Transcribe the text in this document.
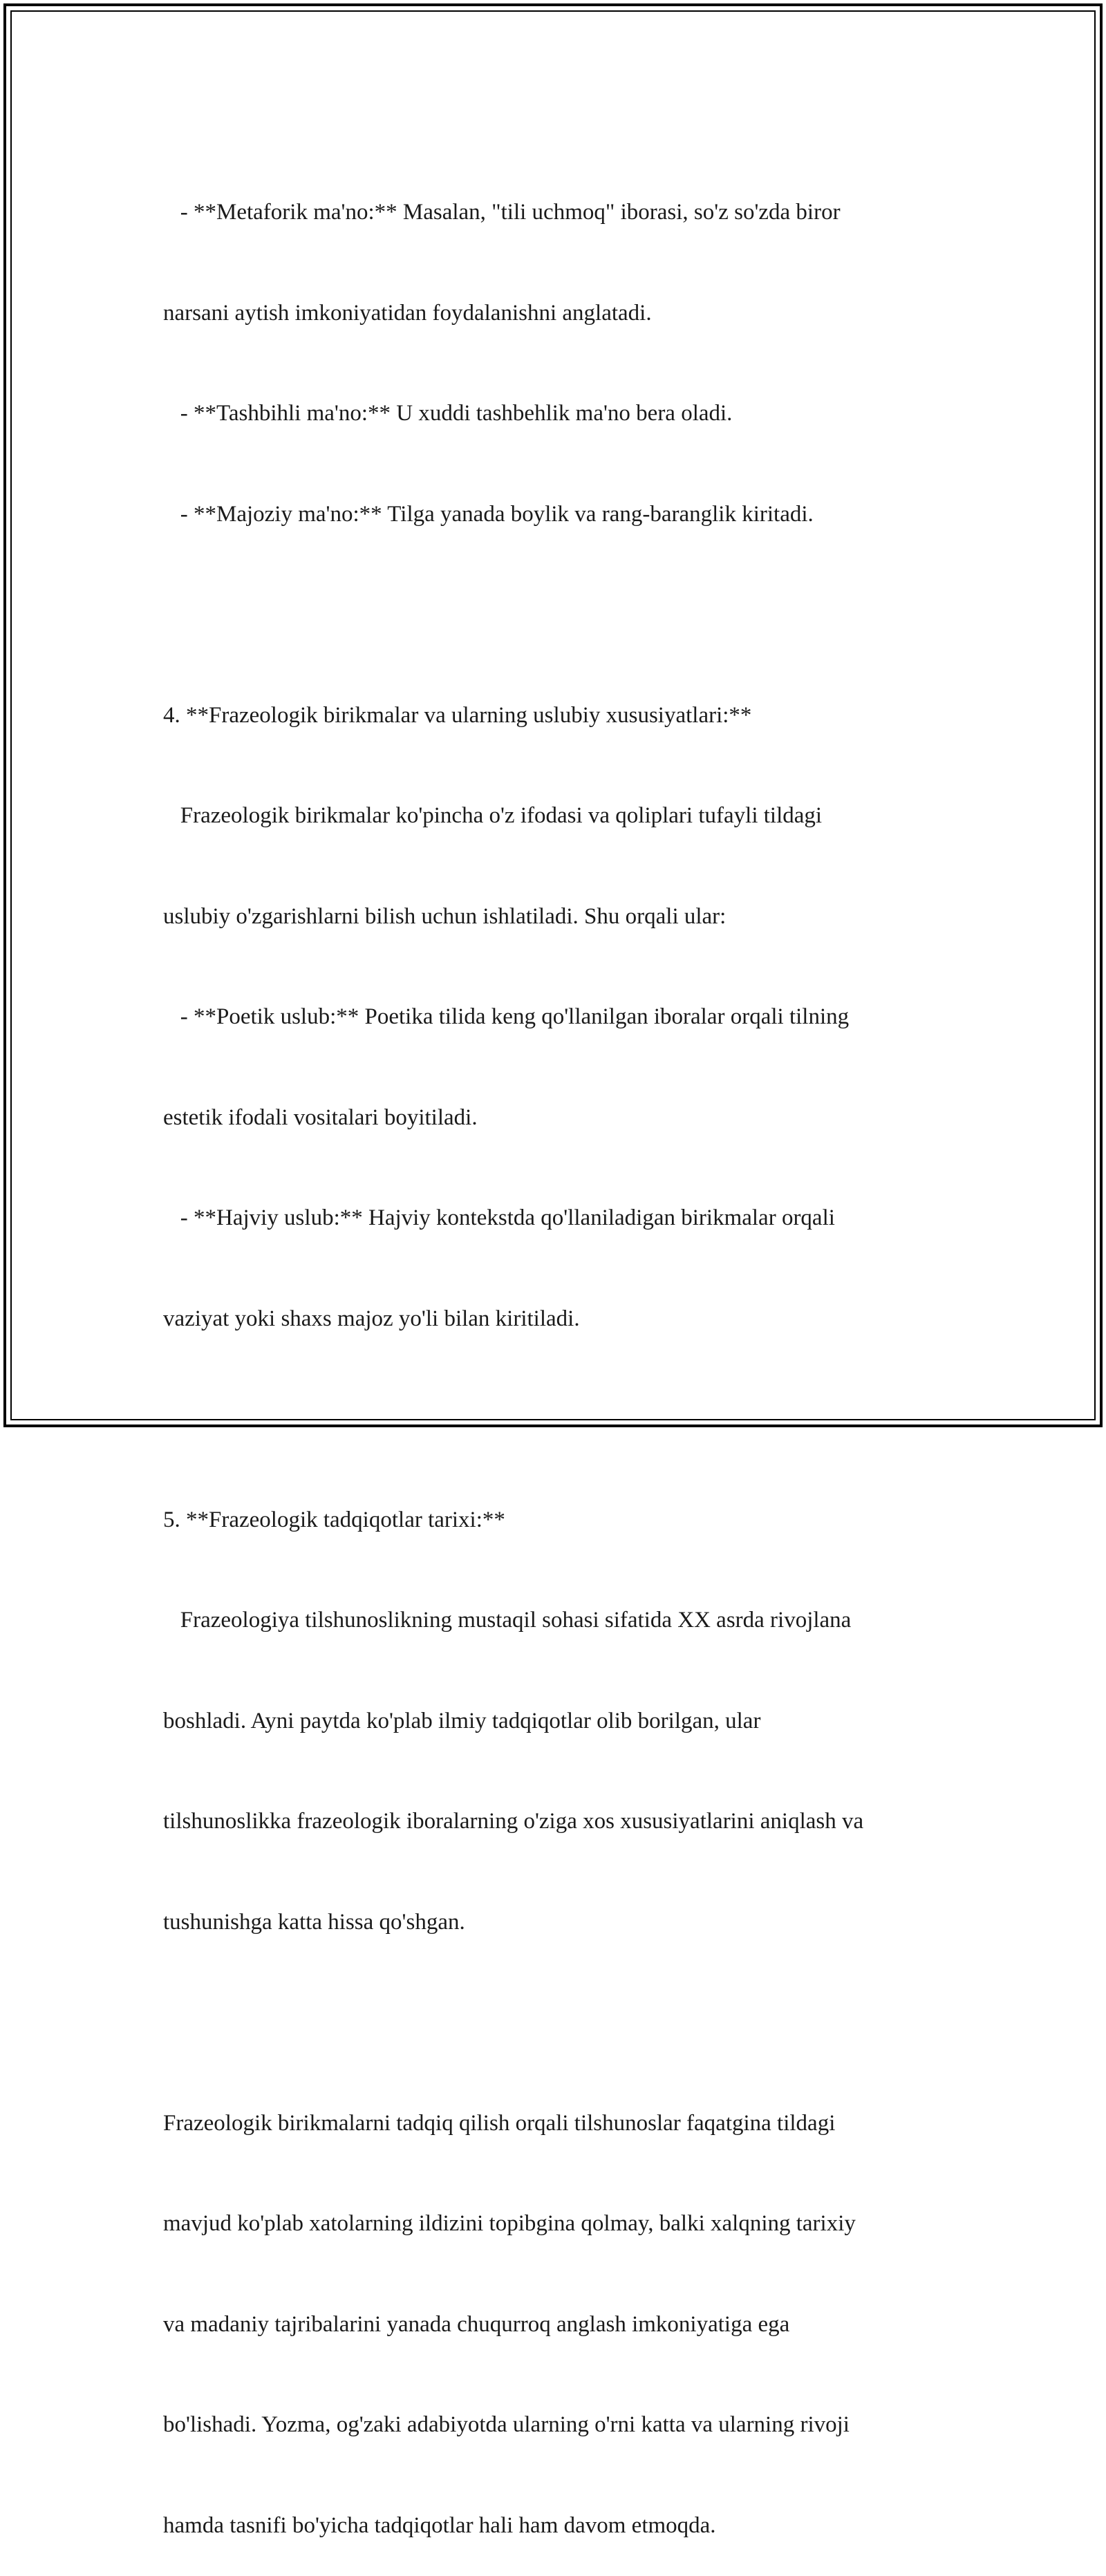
- **Metaforik ma'no:** Masalan, "tili uchmoq" iborasi, so'z so'zda biror

narsani aytish imkoniyatidan foydalanishni anglatadi.

- **Tashbihli ma'no:** U xuddi tashbehlik ma'no bera oladi.

- **Majoziy ma'no:** Tilga yanada boylik va rang-baranglik kiritadi.

4. **Frazeologik birikmalar va ularning uslubiy xususiyatlari:**

Frazeologik birikmalar ko'pincha o'z ifodasi va qoliplari tufayli tildagi

uslubiy o'zgarishlarni bilish uchun ishlatiladi. Shu orqali ular:

- **Poetik uslub:** Poetika tilida keng qo'llanilgan iboralar orqali tilning

estetik ifodali vositalari boyitiladi.

- **Hajviy uslub:** Hajviy kontekstda qo'llaniladigan birikmalar orqali

vaziyat yoki shaxs majoz yo'li bilan kiritiladi.

5. **Frazeologik tadqiqotlar tarixi:**

Frazeologiya tilshunoslikning mustaqil sohasi sifatida XX asrda rivojlana

boshladi. Ayni paytda ko'plab ilmiy tadqiqotlar olib borilgan, ular

tilshunoslikka frazeologik iboralarning o'ziga xos xususiyatlarini aniqlash va

tushunishga katta hissa qo'shgan.

Frazeologik birikmalarni tadqiq qilish orqali tilshunoslar faqatgina tildagi

mavjud ko'plab xatolarning ildizini topibgina qolmay, balki xalqning tarixiy

va madaniy tajribalarini yanada chuqurroq anglash imkoniyatiga ega

bo'lishadi. Yozma, og'zaki adabiyotda ularning o'rni katta va ularning rivoji

hamda tasnifi bo'yicha tadqiqotlar hali ham davom etmoqda.
